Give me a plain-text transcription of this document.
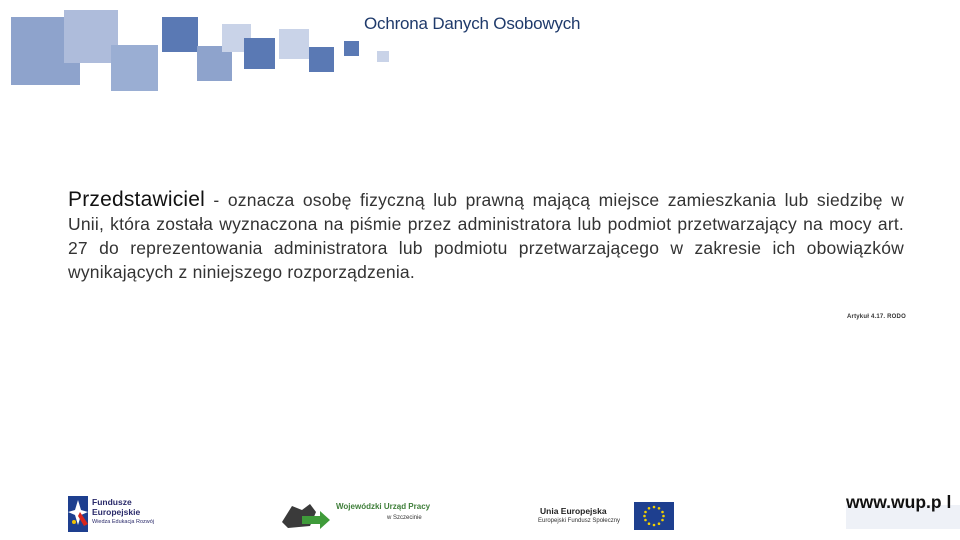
Ochrona Danych Osobowych
Przedstawiciel - oznacza osobę fizyczną lub prawną mającą miejsce zamieszkania lub siedzibę w Unii, która została wyznaczona na piśmie przez administratora lub podmiot przetwarzający na mocy art. 27 do reprezentowania administratora lub podmiotu przetwarzającego w zakresie ich obowiązków wynikających z niniejszego rozporządzenia.
Artykuł 4.17. RODO
Fundusze
Europejskie
Wiedza Edukacja Rozwój
Wojewódzki Urząd Pracy
w Szczecinie
Unia Europejska
Europejski Fundusz Społeczny
www.wup.p l
